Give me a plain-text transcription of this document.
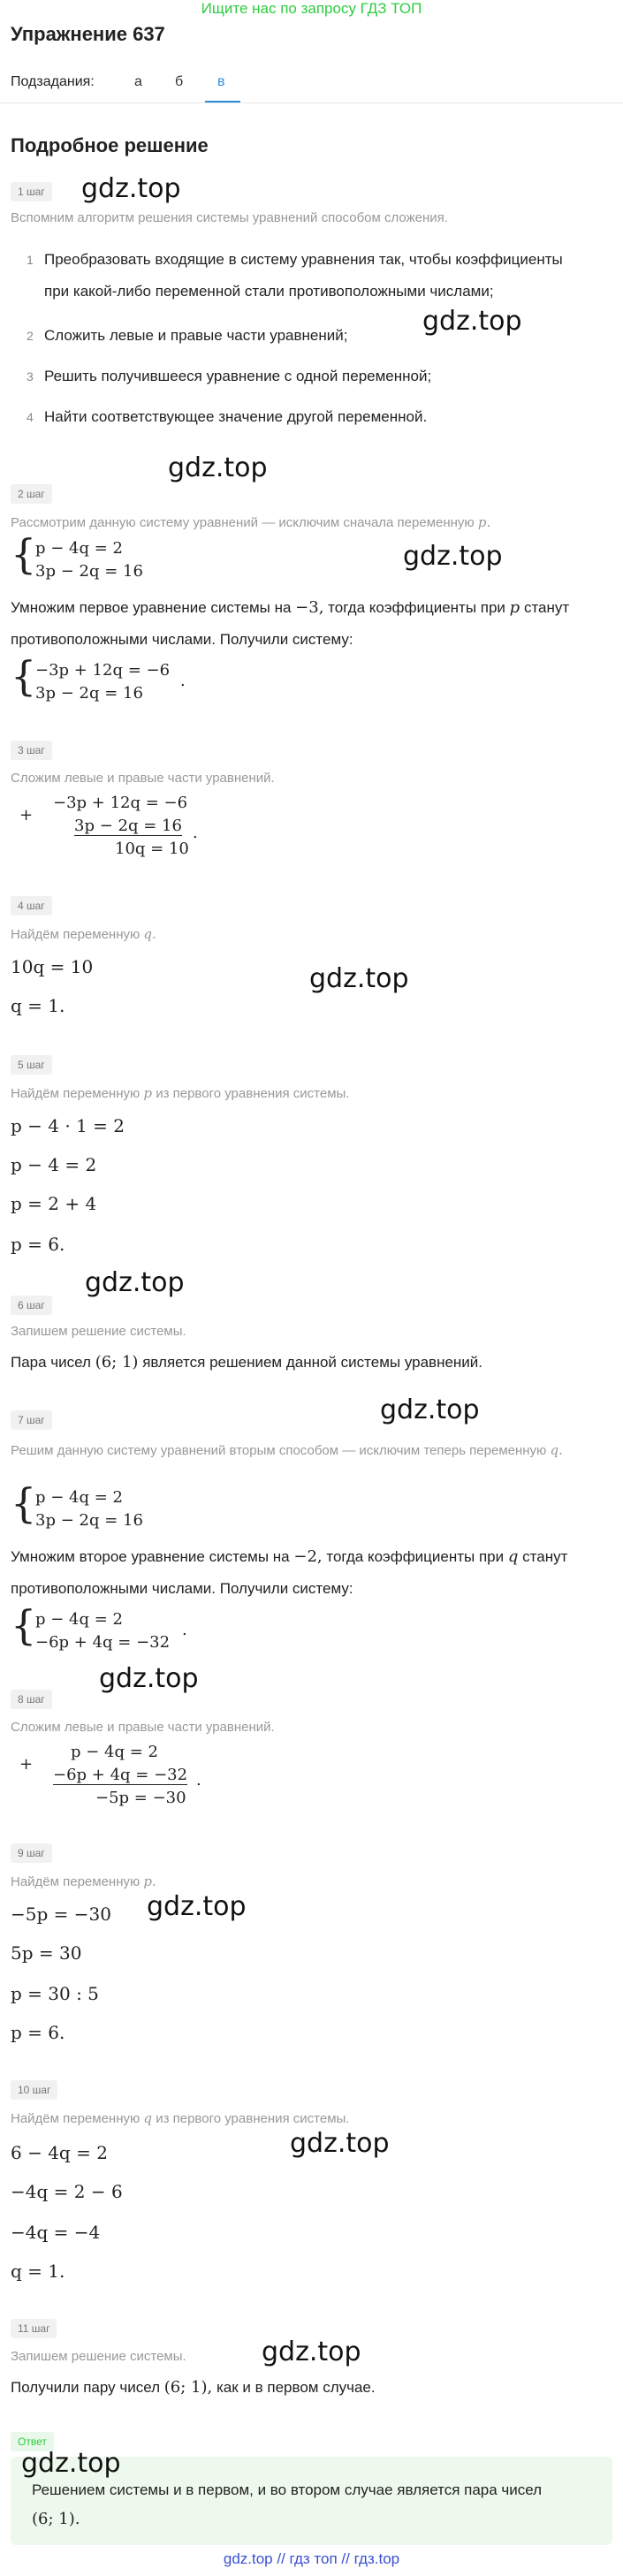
Ищите нас по запросу ГДЗ ТОП
Упражнение 637
Подзадания:	а б в
Подробное решение
1 шаг gdz.top
Вспомним алгоритм решения системы уравнений способом сложения.
1 Преобразовать входящие в систему уравнения так, чтобы коэффициенты
при какой-либо переменной стали противоположными числами;
gdz.top
2 Сложить левые и правые части уравнений;
3 Решить получившееся уравнение с одной переменной;
4 Найти соответствующее значение другой переменной.
gdz.top
2 шаг
Рассмотрим данную систему уравнений — исключим сначала переменную p.
{
p − 4q = 2
3p − 2q = 16	gdz.top
Умножим первое уравнение системы на −3, тогда коэффициенты при p станут
противоположными числами. Получили систему:
{
−3p + 12q = −6
3p − 2q = 16
.
3 шаг
Сложим левые и правые части уравнений.
+
−3p + 12q = −6
3p − 2q = 16
10q = 10
.
4 шаг
Найдём переменную q.
10q = 10	gdz.top
q = 1.
5 шаг
Найдём переменную p из первого уравнения системы.
p − 4 · 1 = 2
p − 4 = 2
p = 2 + 4
p = 6.
gdz.top
6 шаг
Запишем решение системы.
Пара чисел (6; 1) является решением данной системы уравнений.
gdz.top
7 шаг
Решим данную систему уравнений вторым способом — исключим теперь переменную q.
{
p − 4q = 2
3p − 2q = 16
Умножим второе уравнение системы на −2, тогда коэффициенты при q станут
противоположными числами. Получили систему:
{
p − 4q = 2
−6p + 4q = −32
.
gdz.top
8 шаг
Сложим левые и правые части уравнений.
+
p − 4q = 2
−6p + 4q = −32
−5p = −30
.
9 шаг
Найдём переменную p.
gdz.top
−5p = −30
5p = 30
p = 30 : 5
p = 6.
10 шаг
Найдём переменную q из первого уравнения системы.
gdz.top
6 − 4q = 2
−4q = 2 − 6
−4q = −4
q = 1.
11 шаг
gdz.top
Запишем решение системы.
Получили пару чисел (6; 1), как и в первом случае.
Ответ
gdz.top
Решением системы и в первом, и во втором случае является пара чисел
(6; 1).
gdz.top // гдз топ // гдз.top
